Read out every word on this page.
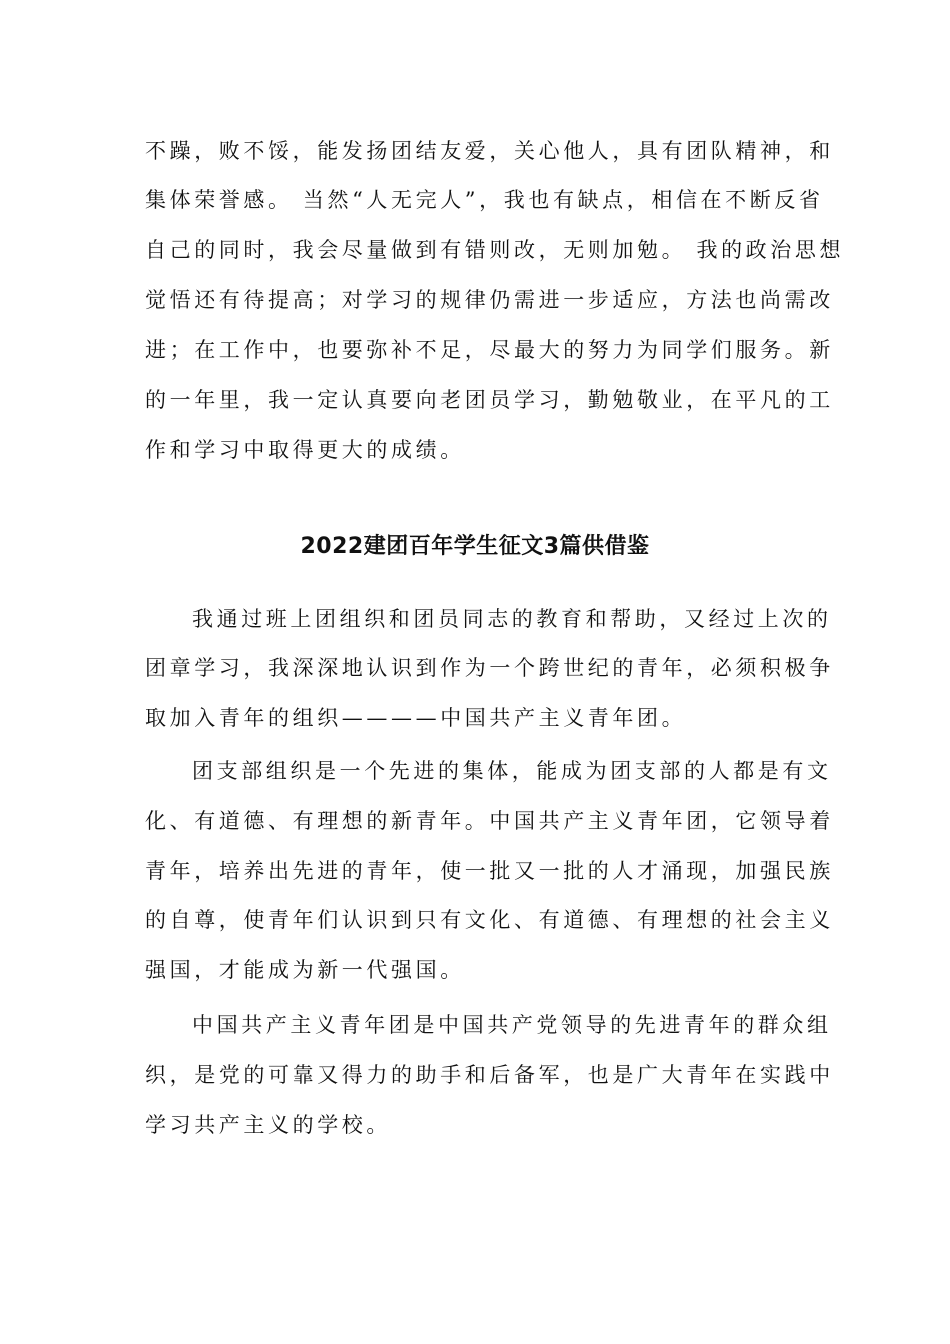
不躁，败不馁，能发扬团结友爱，关心他人，具有团队精神，和
集体荣誉感。 当然“人无完人”，我也有缺点，相信在不断反省
自己的同时，我会尽量做到有错则改，无则加勉。 我的政治思想
觉悟还有待提高；对学习的规律仍需进一步适应，方法也尚需改
进；在工作中，也要弥补不足，尽最大的努力为同学们服务。新
的一年里，我一定认真要向老团员学习，勤勉敬业，在平凡的工
作和学习中取得更大的成绩。
2022建团百年学生征文3篇供借鉴
我通过班上团组织和团员同志的教育和帮助，又经过上次的
团章学习，我深深地认识到作为一个跨世纪的青年，必须积极争
取加入青年的组织————中国共产主义青年团。
团支部组织是一个先进的集体，能成为团支部的人都是有文
化、有道德、有理想的新青年。中国共产主义青年团，它领导着
青年，培养出先进的青年，使一批又一批的人才涌现，加强民族
的自尊，使青年们认识到只有文化、有道德、有理想的社会主义
强国，才能成为新一代强国。
中国共产主义青年团是中国共产党领导的先进青年的群众组
织，是党的可靠又得力的助手和后备军，也是广大青年在实践中
学习共产主义的学校。
